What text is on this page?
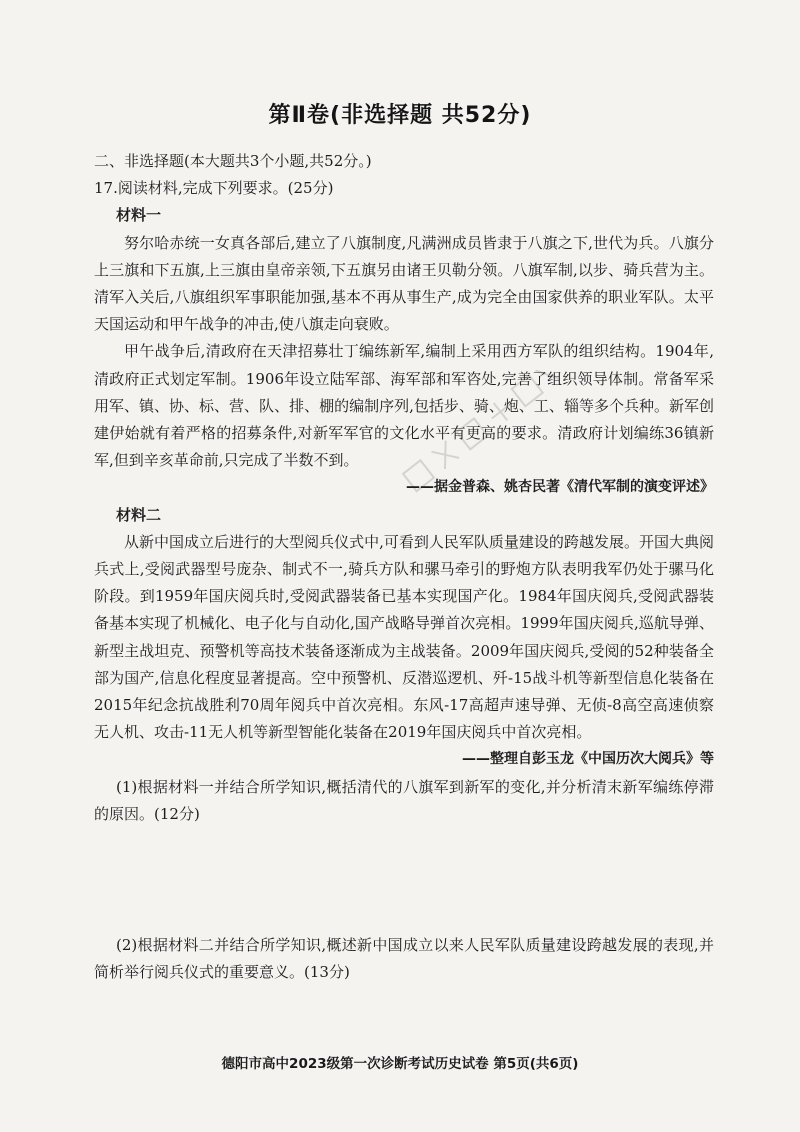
第Ⅱ卷(非选择题 共52分)

二、非选择题(本大题共3个小题,共52分。)

17.阅读材料,完成下列要求。(25分)

材料一

努尔哈赤统一女真各部后,建立了八旗制度,凡满洲成员皆隶于八旗之下,世代为兵。八旗分上三旗和下五旗,上三旗由皇帝亲领,下五旗另由诸王贝勒分领。八旗军制,以步、骑兵营为主。清军入关后,八旗组织军事职能加强,基本不再从事生产,成为完全由国家供养的职业军队。太平天国运动和甲午战争的冲击,使八旗走向衰败。

甲午战争后,清政府在天津招募壮丁编练新军,编制上采用西方军队的组织结构。1904年,清政府正式划定军制。1906年设立陆军部、海军部和军咨处,完善了组织领导体制。常备军采用军、镇、协、标、营、队、排、棚的编制序列,包括步、骑、炮、工、辎等多个兵种。新军创建伊始就有着严格的招募条件,对新军军官的文化水平有更高的要求。清政府计划编练36镇新军,但到辛亥革命前,只完成了半数不到。

——据金普森、姚杏民著《清代军制的演变评述》

材料二

从新中国成立后进行的大型阅兵仪式中,可看到人民军队质量建设的跨越发展。开国大典阅兵式上,受阅武器型号庞杂、制式不一,骑兵方队和骡马牵引的野炮方队表明我军仍处于骡马化阶段。到1959年国庆阅兵时,受阅武器装备已基本实现国产化。1984年国庆阅兵,受阅武器装备基本实现了机械化、电子化与自动化,国产战略导弹首次亮相。1999年国庆阅兵,巡航导弹、新型主战坦克、预警机等高技术装备逐渐成为主战装备。2009年国庆阅兵,受阅的52种装备全部为国产,信息化程度显著提高。空中预警机、反潜巡逻机、歼-15战斗机等新型信息化装备在2015年纪念抗战胜利70周年阅兵中首次亮相。东风-17高超声速导弹、无侦-8高空高速侦察无人机、攻击-11无人机等新型智能化装备在2019年国庆阅兵中首次亮相。

——整理自彭玉龙《中国历次大阅兵》等

(1)根据材料一并结合所学知识,概括清代的八旗军到新军的变化,并分析清末新军编练停滞的原因。(12分)

(2)根据材料二并结合所学知识,概述新中国成立以来人民军队质量建设跨越发展的表现,并简析举行阅兵仪式的重要意义。(13分)

德阳市高中2023级第一次诊断考试历史试卷 第5页(共6页)
